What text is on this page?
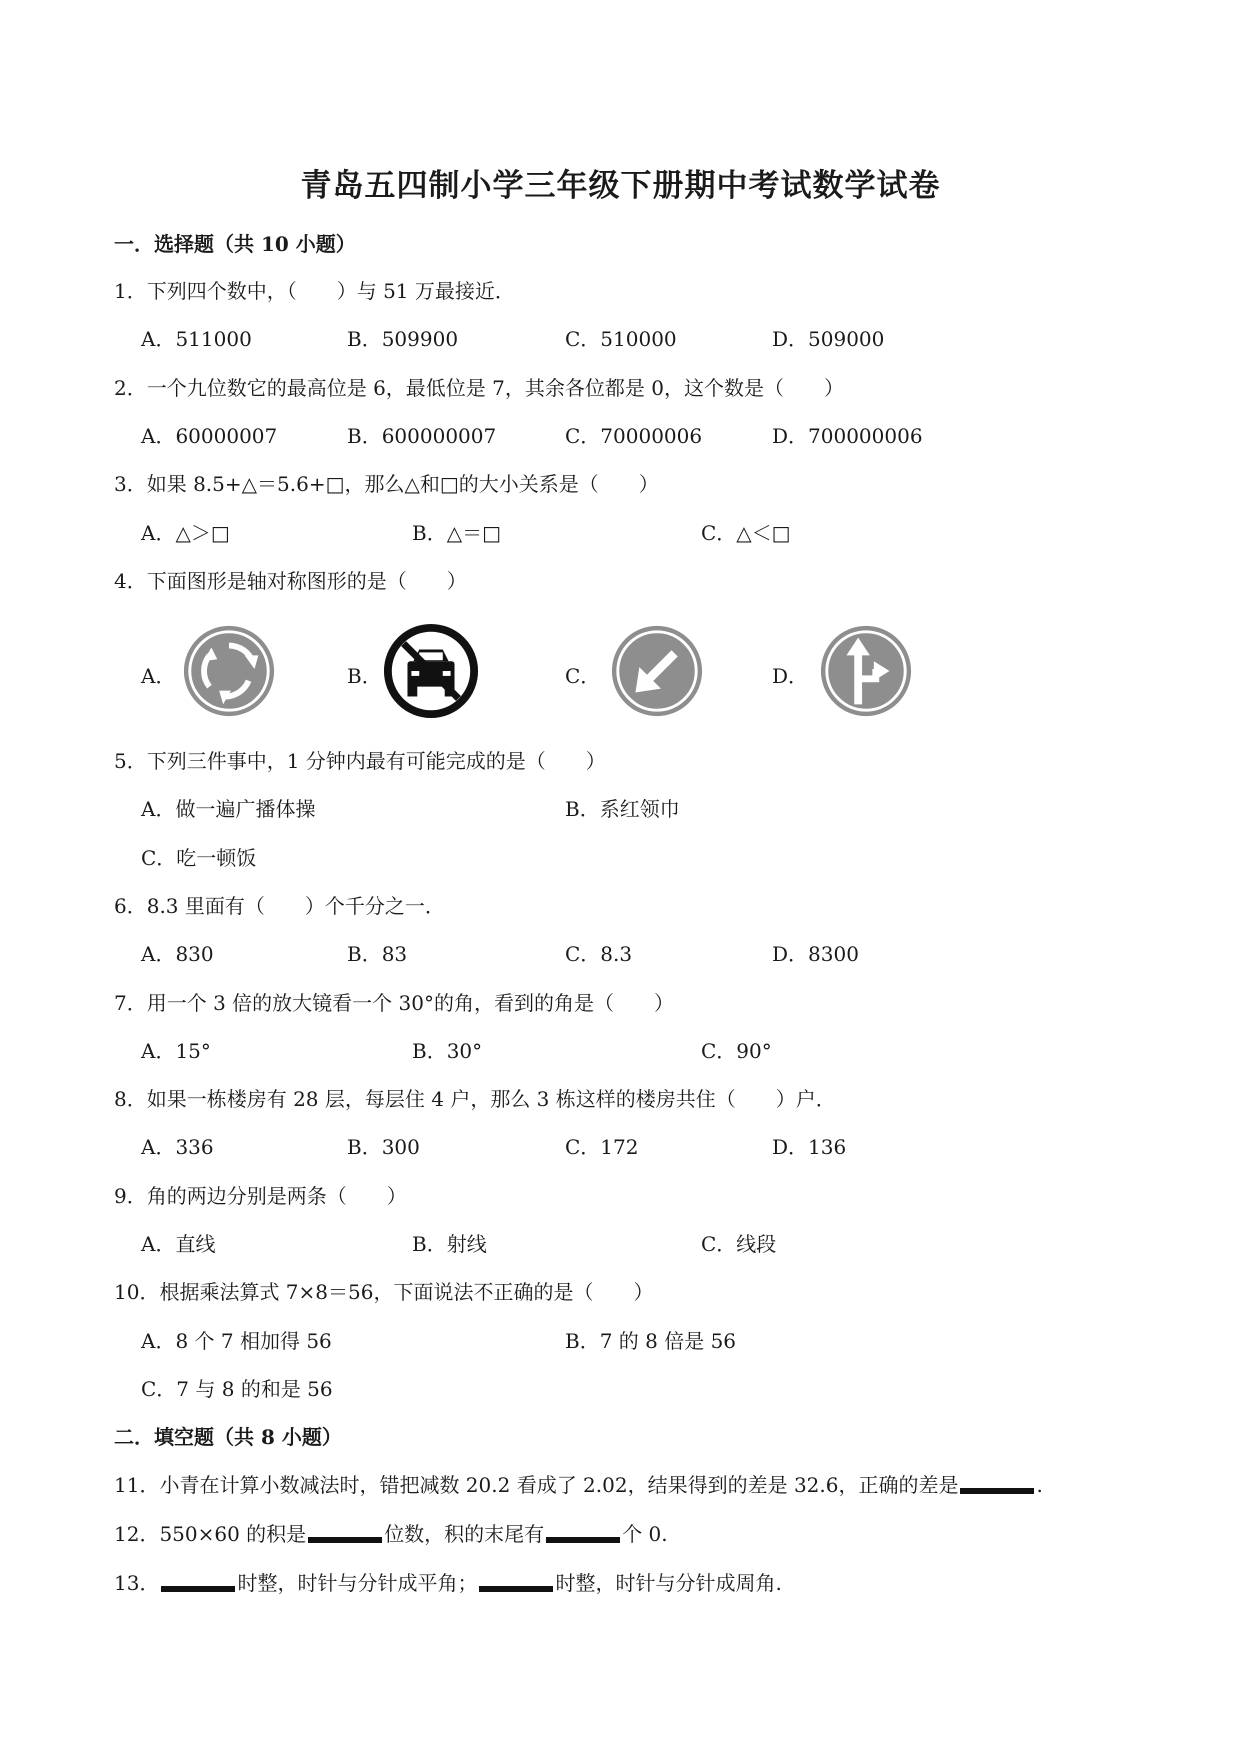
青岛五四制小学三年级下册期中考试数学试卷
一．选择题（共 10 小题）
1．下列四个数中，（　　）与 51 万最接近．
A．511000	B．509900	C．510000	D．509000
2．一个九位数它的最高位是 6，最低位是 7，其余各位都是 0，这个数是（　　）
A．60000007	B．600000007	C．70000006	D．700000006
3．如果 8.5+△＝5.6+□，那么△和□的大小关系是（　　）
A．△＞□	B．△＝□	C．△＜□
4．下面图形是轴对称图形的是（　　）
A．	B．	C．	D．
5．下列三件事中，1 分钟内最有可能完成的是（　　）
A．做一遍广播体操	B．系红领巾
C．吃一顿饭
6．8.3 里面有（　　）个千分之一．
A．830	B．83	C．8.3	D．8300
7．用一个 3 倍的放大镜看一个 30°的角，看到的角是（　　）
A．15°	B．30°	C．90°
8．如果一栋楼房有 28 层，每层住 4 户，那么 3 栋这样的楼房共住（　　）户．
A．336	B．300	C．172	D．136
9．角的两边分别是两条（　　）
A．直线	B．射线	C．线段
10．根据乘法算式 7×8＝56，下面说法不正确的是（　　）
A．8 个 7 相加得 56	B．7 的 8 倍是 56
C．7 与 8 的和是 56
二．填空题（共 8 小题）
11．小青在计算小数减法时，错把减数 20.2 看成了 2.02，结果得到的差是 32.6，正确的差是	.
12．550×60 的积是	位数，积的末尾有	个 0.
13．	时整，时针与分针成平角；	时整，时针与分针成周角.
